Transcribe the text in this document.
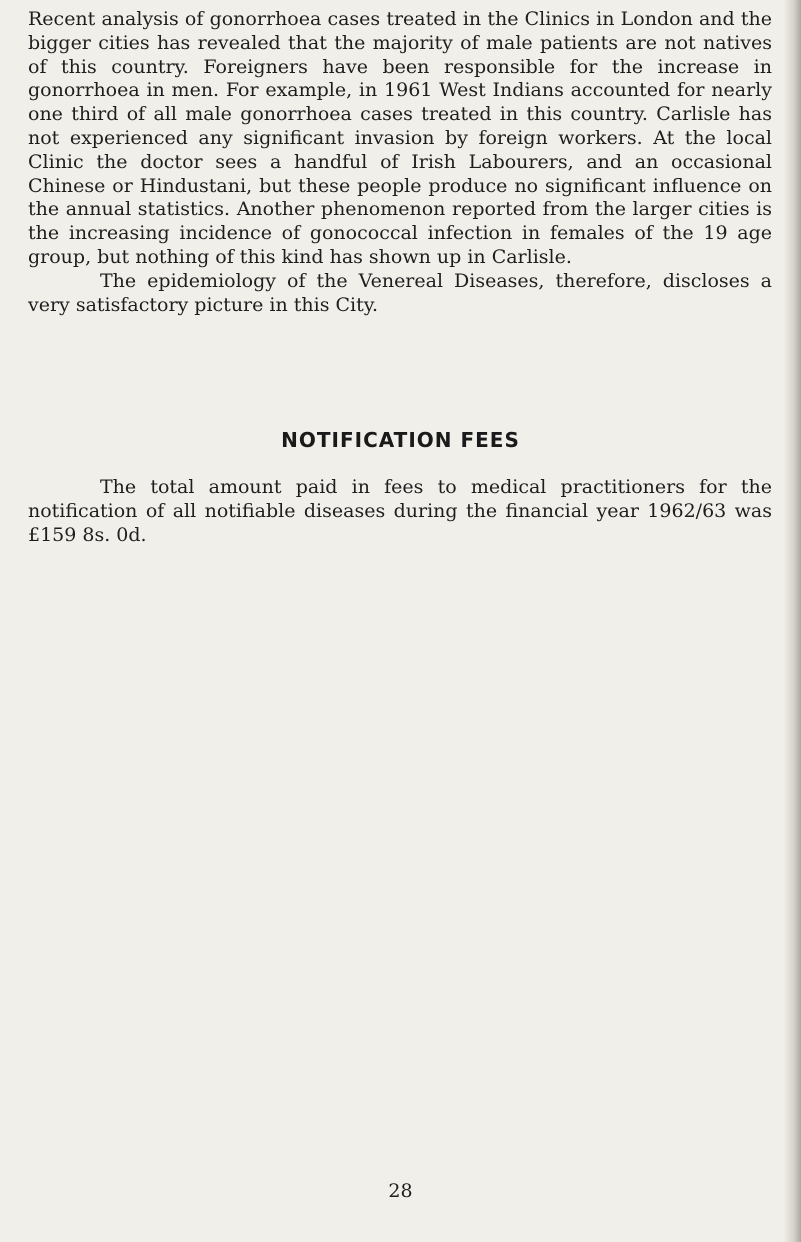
Recent analysis of gonorrhoea cases treated in the Clinics in London and the bigger cities has revealed that the majority of male patients are not natives of this country. Foreigners have been responsible for the increase in gonorrhoea in men. For example, in 1961 West Indians accounted for nearly one third of all male gonorrhoea cases treated in this country. Carlisle has not experienced any significant invasion by foreign workers. At the local Clinic the doctor sees a handful of Irish Labourers, and an occasional Chinese or Hindustani, but these people produce no significant influence on the annual statistics. Another phenomenon reported from the larger cities is the increasing incidence of gonococcal infection in females of the 19 age group, but nothing of this kind has shown up in Carlisle.

The epidemiology of the Venereal Diseases, therefore, discloses a very satisfactory picture in this City.

NOTIFICATION FEES

The total amount paid in fees to medical practitioners for the notification of all notifiable diseases during the financial year 1962/63 was £159 8s. 0d.

28
